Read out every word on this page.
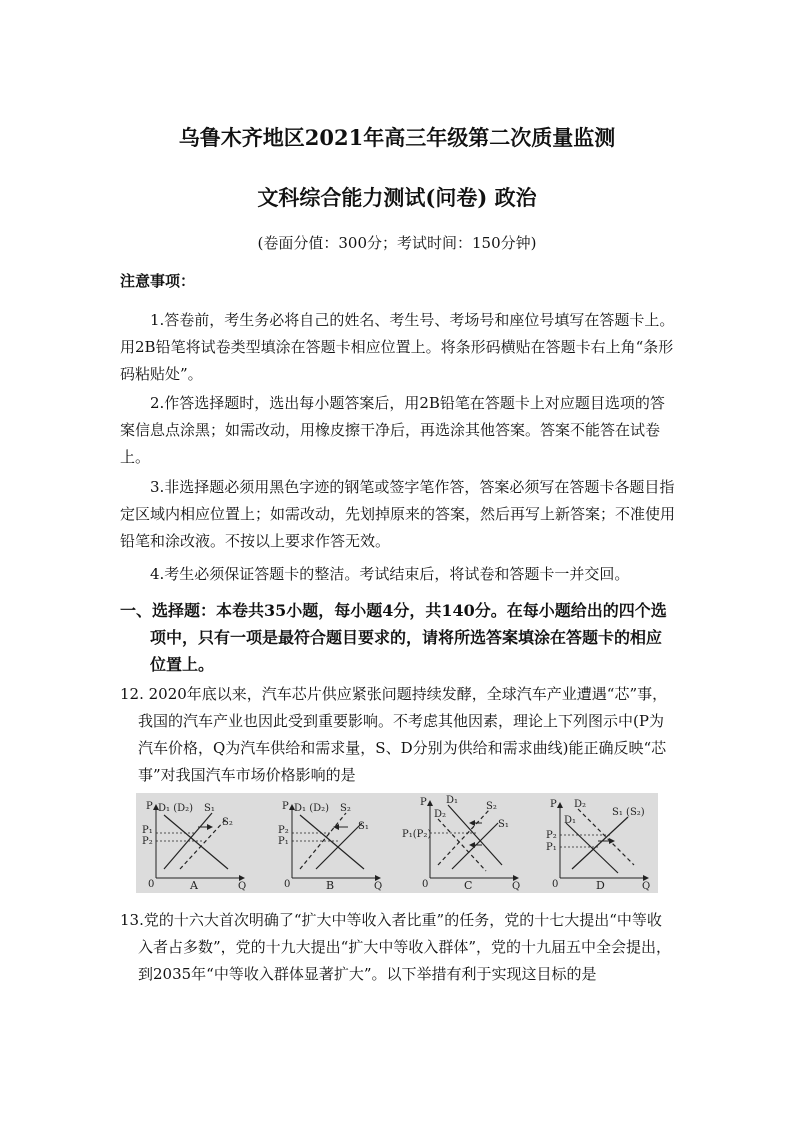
乌鲁木齐地区2021年高三年级第二次质量监测
文科综合能力测试(问卷) 政治
(卷面分值：300分；考试时间：150分钟)
注意事项：
1.答卷前，考生务必将自己的姓名、考生号、考场号和座位号填写在答题卡上。用2B铅笔将试卷类型填涂在答题卡相应位置上。将条形码横贴在答题卡右上角“条形码粘贴处”。
2.作答选择题时，选出每小题答案后，用2B铅笔在答题卡上对应题目选项的答案信息点涂黑；如需改动，用橡皮擦干净后，再选涂其他答案。答案不能答在试卷上。
3.非选择题必须用黑色字迹的钢笔或签字笔作答，答案必须写在答题卡各题目指定区域内相应位置上；如需改动，先划掉原来的答案，然后再写上新答案；不准使用铅笔和涂改液。不按以上要求作答无效。
4.考生必须保证答题卡的整洁。考试结束后，将试卷和答题卡一并交回。
一、选择题：本卷共35小题，每小题4分，共140分。在每小题给出的四个选项中，只有一项是最符合题目要求的，请将所选答案填涂在答题卡的相应位置上。
12. 2020年底以来，汽车芯片供应紧张问题持续发酵，全球汽车产业遭遇“芯”事，我国的汽车产业也因此受到重要影响。不考虑其他因素，理论上下列图示中(P为汽车价格，Q为汽车供给和需求量，S、D分别为供给和需求曲线)能正确反映“芯事”对我国汽车市场价格影响的是
P
Q
0
D₁ (D₂) S₁
S₂
P₁
P₂
A
P
Q
0
D₁ (D₂) S₂
S₁
P₂
P₁
B
P
Q
0
D₁
D₂
S₂
S₁
P₁(P₂)
C
P
Q
0
D₂
D₁
S₁ (S₂)
P₂
P₁
D
13.党的十六大首次明确了“扩大中等收入者比重”的任务，党的十七大提出“中等收入者占多数”，党的十九大提出“扩大中等收入群体”，党的十九届五中全会提出，到2035年“中等收入群体显著扩大”。以下举措有利于实现这目标的是
